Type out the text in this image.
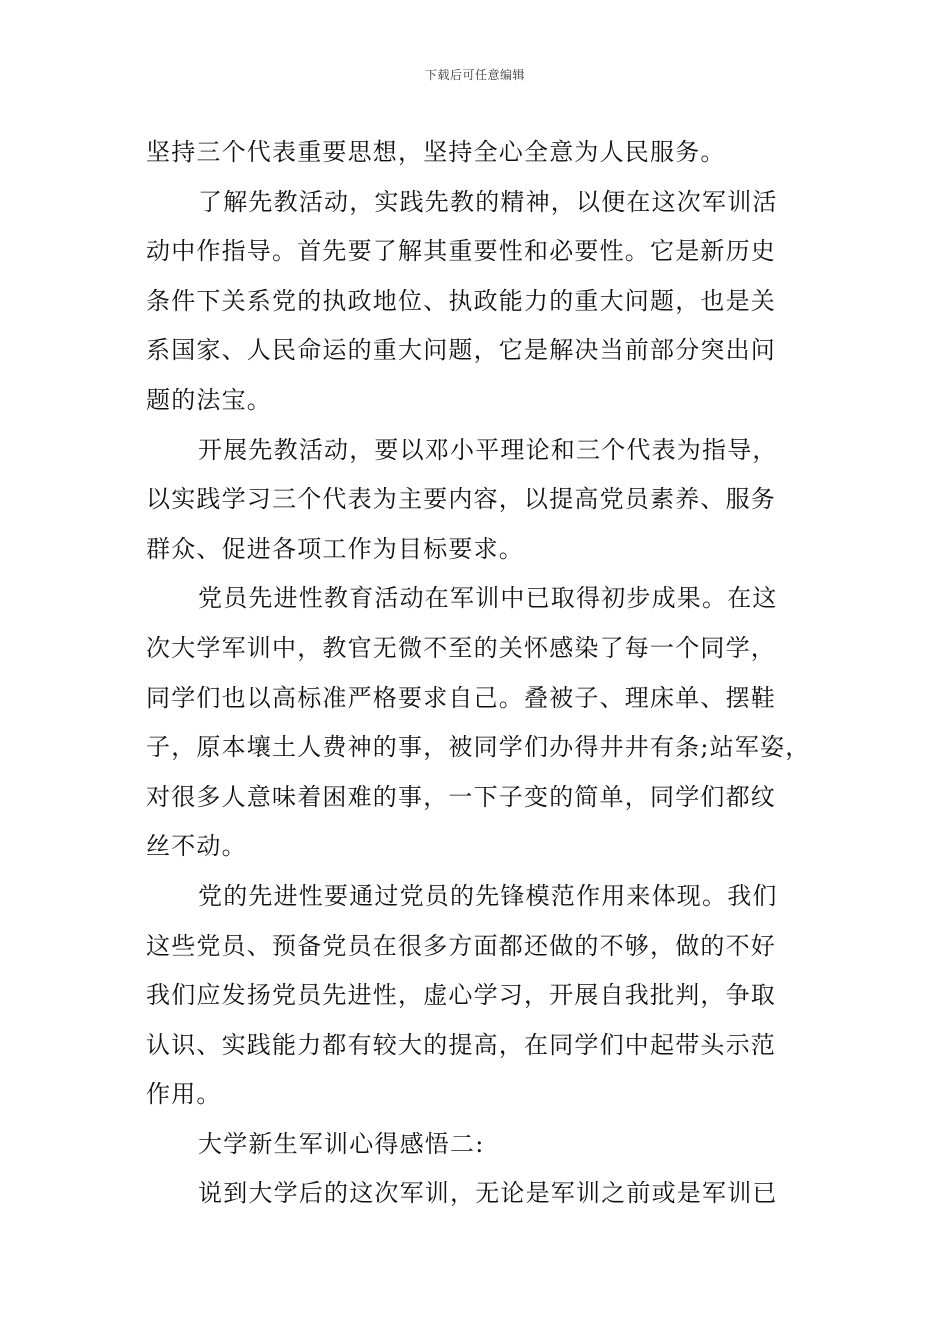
下载后可任意编辑
坚持三个代表重要思想，坚持全心全意为人民服务。
了解先教活动，实践先教的精神，以便在这次军训活
动中作指导。首先要了解其重要性和必要性。它是新历史
条件下关系党的执政地位、执政能力的重大问题，也是关
系国家、人民命运的重大问题，它是解决当前部分突出问
题的法宝。
开展先教活动，要以邓小平理论和三个代表为指导，
以实践学习三个代表为主要内容，以提高党员素养、服务
群众、促进各项工作为目标要求。
党员先进性教育活动在军训中已取得初步成果。在这
次大学军训中，教官无微不至的关怀感染了每一个同学，
同学们也以高标准严格要求自己。叠被子、理床单、摆鞋
子，原本壤土人费神的事，被同学们办得井井有条;站军姿，
对很多人意味着困难的事，一下子变的简单，同学们都纹
丝不动。
党的先进性要通过党员的先锋模范作用来体现。我们
这些党员、预备党员在很多方面都还做的不够，做的不好
我们应发扬党员先进性，虚心学习，开展自我批判，争取
认识、实践能力都有较大的提高，在同学们中起带头示范
作用。
大学新生军训心得感悟二:
说到大学后的这次军训，无论是军训之前或是军训已
